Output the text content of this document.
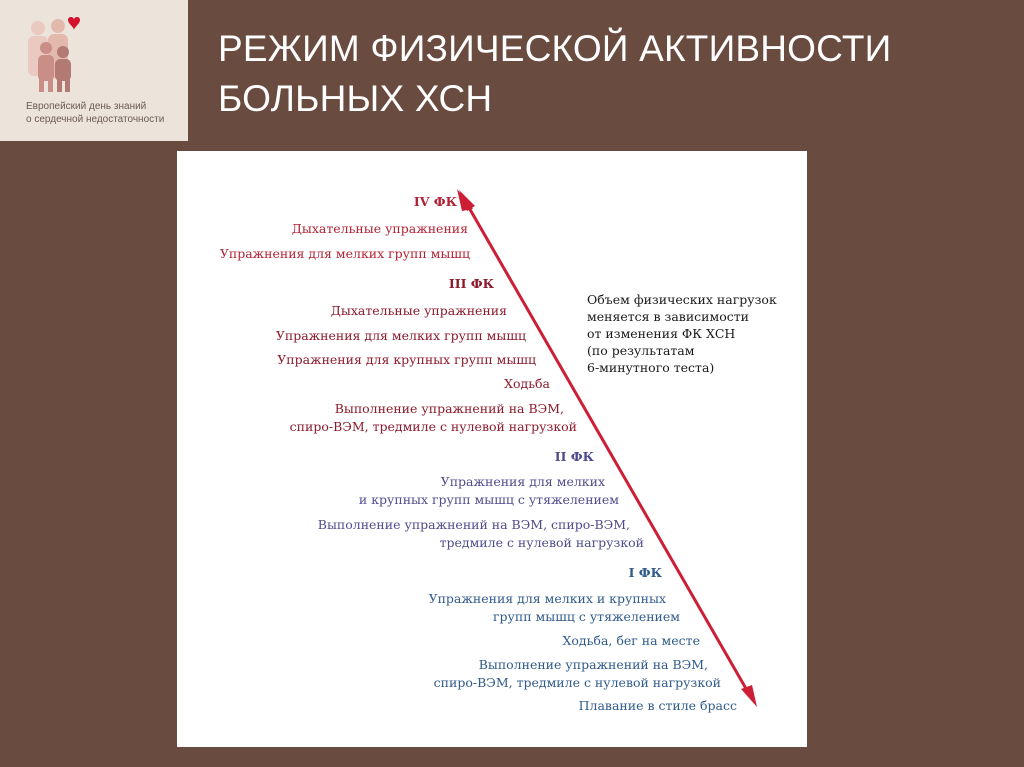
Европейский день знаний
о сердечной недостаточности
РЕЖИМ ФИЗИЧЕСКОЙ АКТИВНОСТИ
БОЛЬНЫХ ХСН
IV ФК
Дыхательные упражнения
Упражнения для мелких групп мышц
III ФК
Дыхательные упражнения
Упражнения для мелких групп мышц
Упражнения для крупных групп мышц
Ходьба
Выполнение упражнений на ВЭМ,
спиро-ВЭМ, тредмиле с нулевой нагрузкой
II ФК
Упражнения для мелких
и крупных групп мышц с утяжелением
Выполнение упражнений на ВЭМ, спиро-ВЭМ,
тредмиле с нулевой нагрузкой
I ФК
Упражнения для мелких и крупных
групп мышц с утяжелением
Ходьба, бег на месте
Выполнение упражнений на ВЭМ,
спиро-ВЭМ, тредмиле с нулевой нагрузкой
Плавание в стиле брасс
Объем физических нагрузок
меняется в зависимости
от изменения ФК ХСН
(по результатам
6-минутного теста)
